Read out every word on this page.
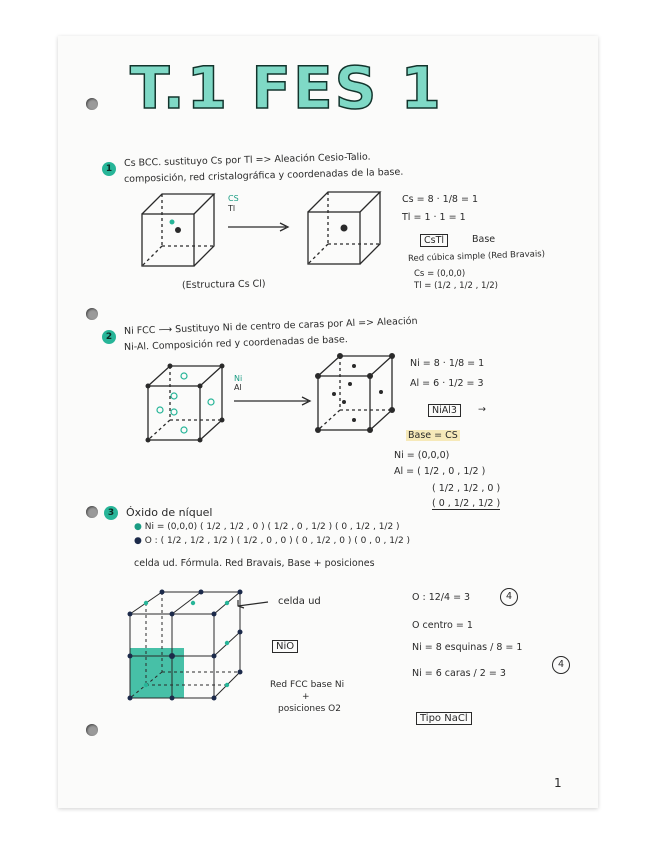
T.1 FES 1
1
Cs BCC. sustituyo Cs por Tl => Aleación Cesio-Talio.
composición, red cristalográfica y coordenadas de la base.
CS
Tl
(Estructura Cs Cl)
Cs = 8 · 1/8 = 1
Tl = 1 · 1 = 1
CsTl	Base
Red cúbica simple (Red Bravais)
Cs = (0,0,0)
Tl = (1/2 , 1/2 , 1/2)
2
Ni FCC ⟶ Sustituyo Ni de centro de caras por Al => Aleación
Ni-Al. Composición red y coordenadas de base.
Ni
Al
Ni = 8 · 1/8 = 1
Al = 6 · 1/2 = 3
NiAl3	→
Base = CS
Ni = (0,0,0)
Al = ( 1/2 , 0 , 1/2 )
( 1/2 , 1/2 , 0 )
( 0 , 1/2 , 1/2 )
3	Óxido de níquel
● Ni = (0,0,0) ( 1/2 , 1/2 , 0 ) ( 1/2 , 0 , 1/2 ) ( 0 , 1/2 , 1/2 )
● O : ( 1/2 , 1/2 , 1/2 ) ( 1/2 , 0 , 0 ) ( 0 , 1/2 , 0 ) ( 0 , 0 , 1/2 )
celda ud. Fórmula. Red Bravais, Base + posiciones
celda ud
NiO
Red FCC base Ni
+
posiciones O2
O : 12/4 = 3	4
O centro = 1
Ni = 8 esquinas / 8 = 1
Ni = 6 caras / 2 = 3
4
Tipo NaCl
1
